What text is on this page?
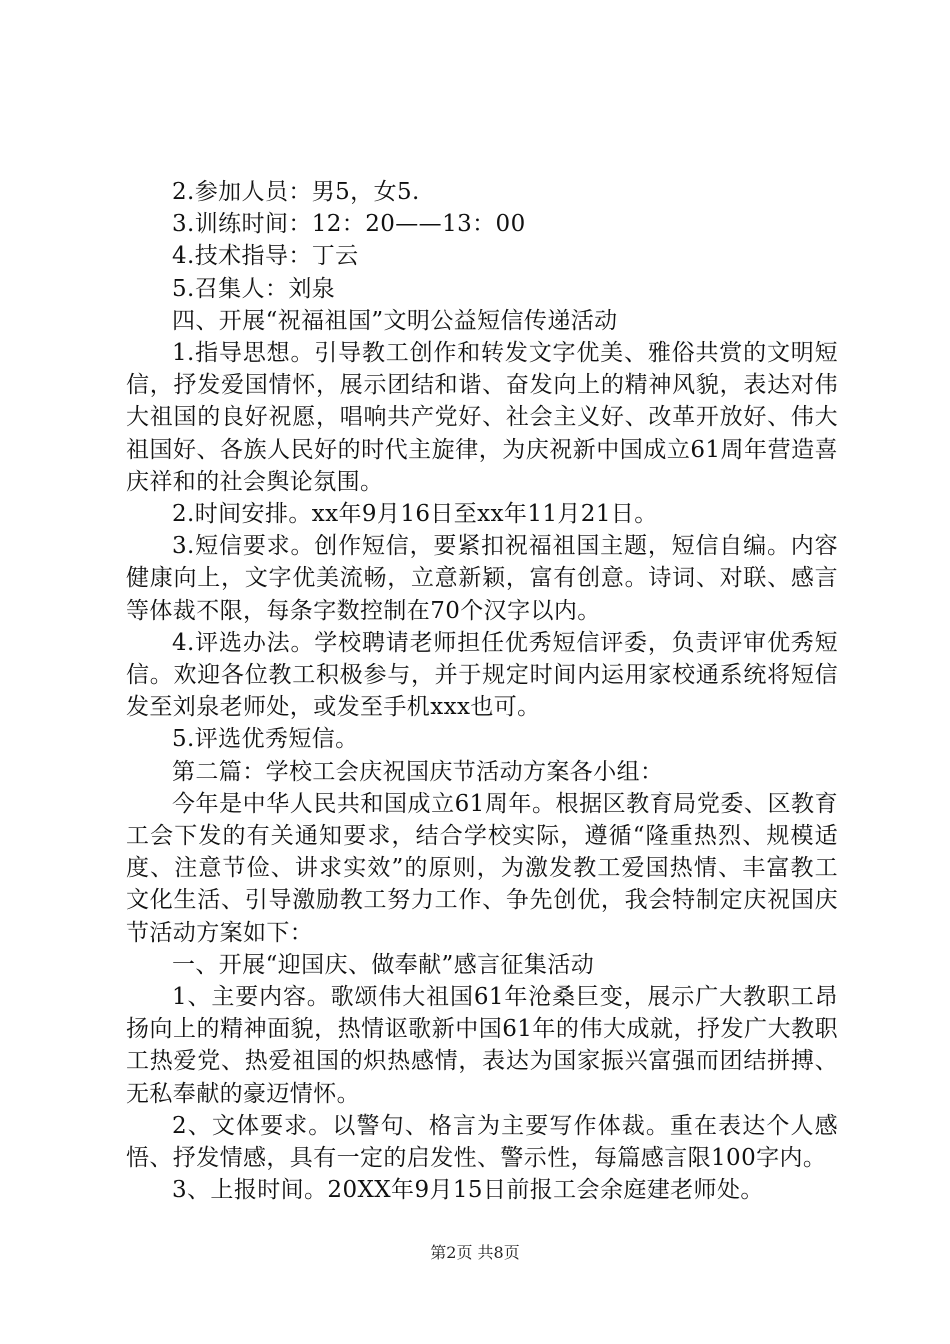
2.参加人员：男5，女5.

3.训练时间：12：20——13：00

4.技术指导：丁云

5.召集人：刘泉

四、开展“祝福祖国”文明公益短信传递活动

1.指导思想。引导教工创作和转发文字优美、雅俗共赏的文明短信，抒发爱国情怀，展示团结和谐、奋发向上的精神风貌，表达对伟大祖国的良好祝愿，唱响共产党好、社会主义好、改革开放好、伟大祖国好、各族人民好的时代主旋律，为庆祝新中国成立61周年营造喜庆祥和的社会舆论氛围。

2.时间安排。xx年9月16日至xx年11月21日。

3.短信要求。创作短信，要紧扣祝福祖国主题，短信自编。内容健康向上，文字优美流畅，立意新颖，富有创意。诗词、对联、感言等体裁不限，每条字数控制在70个汉字以内。

4.评选办法。学校聘请老师担任优秀短信评委，负责评审优秀短信。欢迎各位教工积极参与，并于规定时间内运用家校通系统将短信发至刘泉老师处，或发至手机xxx也可。

5.评选优秀短信。

第二篇：学校工会庆祝国庆节活动方案各小组：

今年是中华人民共和国成立61周年。根据区教育局党委、区教育工会下发的有关通知要求，结合学校实际，遵循“隆重热烈、规模适度、注意节俭、讲求实效”的原则，为激发教工爱国热情、丰富教工文化生活、引导激励教工努力工作、争先创优，我会特制定庆祝国庆节活动方案如下：

一、开展“迎国庆、做奉献”感言征集活动

1、主要内容。歌颂伟大祖国61年沧桑巨变，展示广大教职工昂扬向上的精神面貌，热情讴歌新中国61年的伟大成就，抒发广大教职工热爱党、热爱祖国的炽热感情，表达为国家振兴富强而团结拼搏、无私奉献的豪迈情怀。

2、文体要求。以警句、格言为主要写作体裁。重在表达个人感悟、抒发情感，具有一定的启发性、警示性，每篇感言限100字内。

3、上报时间。20XX年9月15日前报工会余庭建老师处。

第2页 共8页
